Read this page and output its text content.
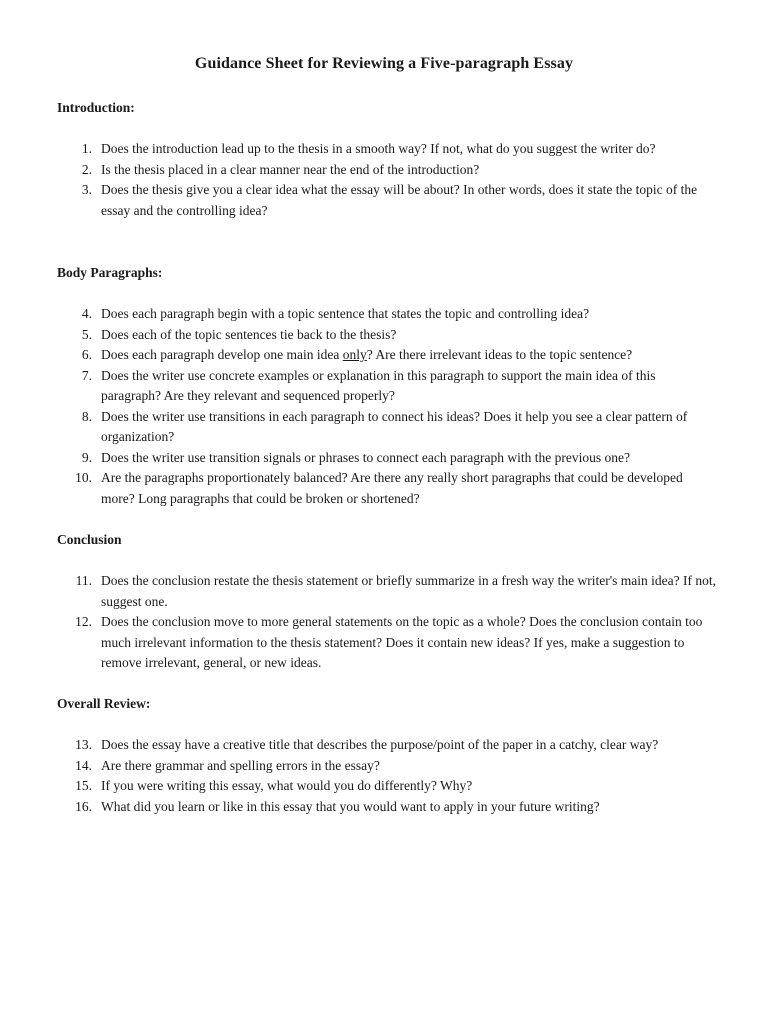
Guidance Sheet for Reviewing a Five-paragraph Essay

Introduction:

1. Does the introduction lead up to the thesis in a smooth way? If not, what do you suggest the writer do?
2. Is the thesis placed in a clear manner near the end of the introduction?
3. Does the thesis give you a clear idea what the essay will be about? In other words, does it state the topic of the essay and the controlling idea?

Body Paragraphs:

4. Does each paragraph begin with a topic sentence that states the topic and controlling idea?
5. Does each of the topic sentences tie back to the thesis?
6. Does each paragraph develop one main idea only? Are there irrelevant ideas to the topic sentence?
7. Does the writer use concrete examples or explanation in this paragraph to support the main idea of this paragraph? Are they relevant and sequenced properly?
8. Does the writer use transitions in each paragraph to connect his ideas? Does it help you see a clear pattern of organization?
9. Does the writer use transition signals or phrases to connect each paragraph with the previous one?
10. Are the paragraphs proportionately balanced? Are there any really short paragraphs that could be developed more? Long paragraphs that could be broken or shortened?

Conclusion

11. Does the conclusion restate the thesis statement or briefly summarize in a fresh way the writer's main idea? If not, suggest one.
12. Does the conclusion move to more general statements on the topic as a whole? Does the conclusion contain too much irrelevant information to the thesis statement? Does it contain new ideas? If yes, make a suggestion to remove irrelevant, general, or new ideas.

Overall Review:

13. Does the essay have a creative title that describes the purpose/point of the paper in a catchy, clear way?
14. Are there grammar and spelling errors in the essay?
15. If you were writing this essay, what would you do differently? Why?
16. What did you learn or like in this essay that you would want to apply in your future writing?
